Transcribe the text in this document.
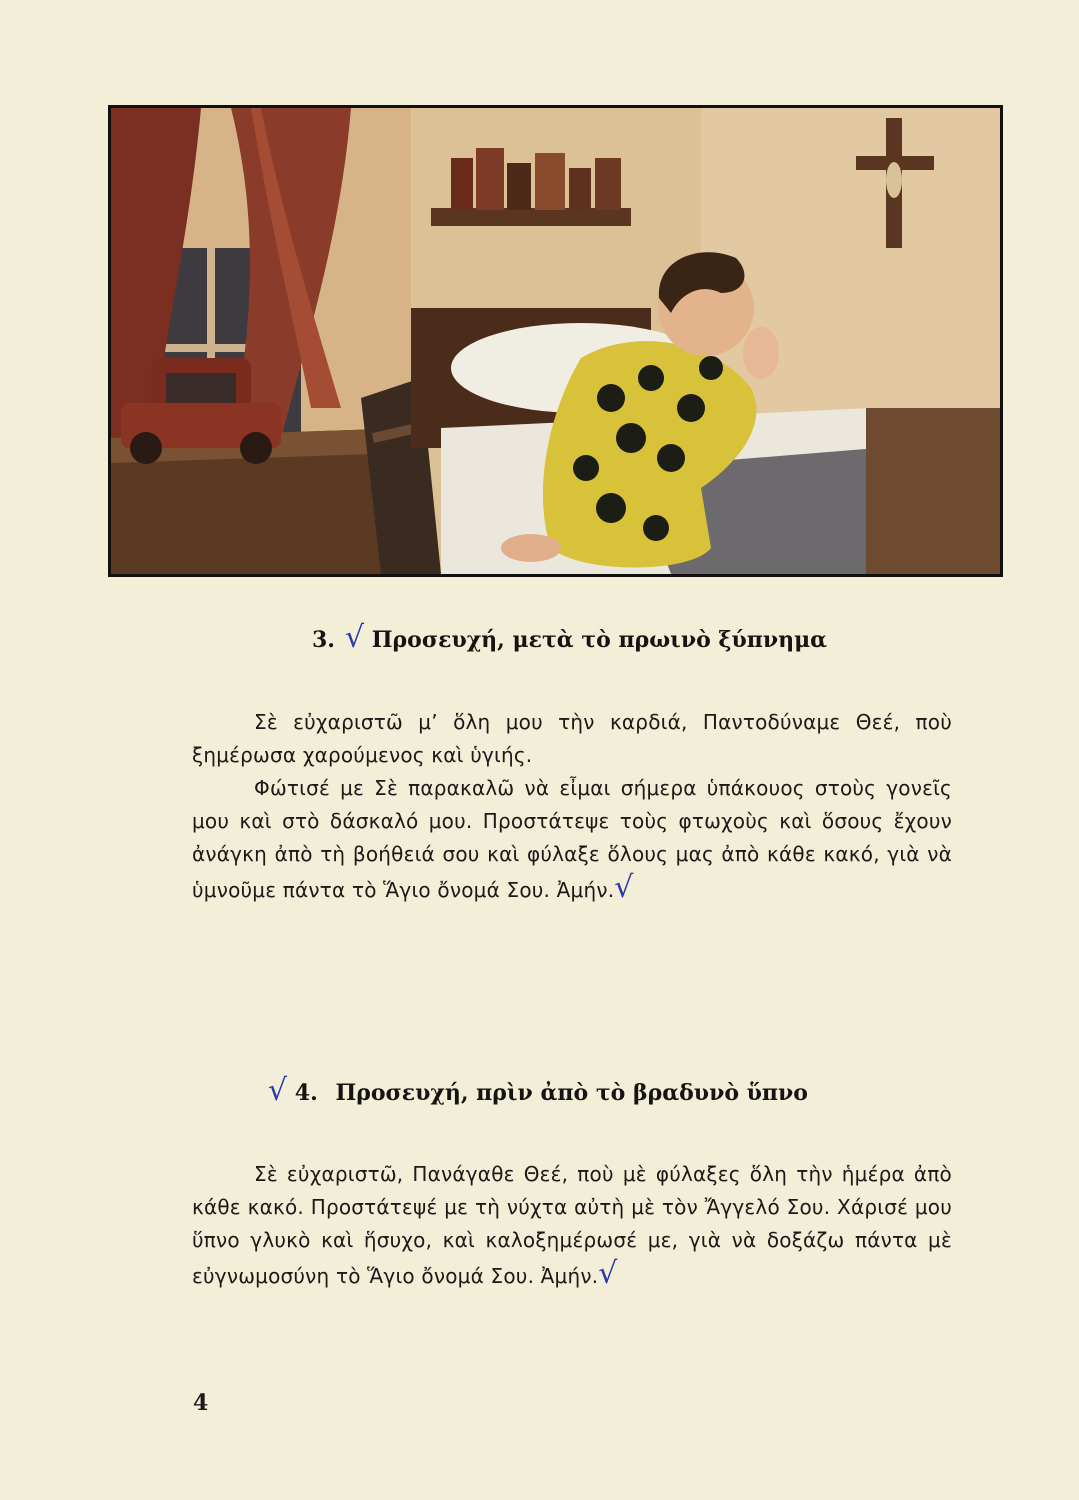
3. √ Προσευχή, μετὰ τὸ πρωινὸ ξύπνημα

Σὲ εὐχαριστῶ μ’ ὅλη μου τὴν καρδιά, Παντοδύναμε Θεέ, ποὺ ξημέρωσα χαρούμενος καὶ ὑγιής.

Φώτισέ με Σὲ παρακαλῶ νὰ εἶμαι σήμερα ὑπάκουος στοὺς γονεῖς μου καὶ στὸ δάσκαλό μου. Προστάτεψε τοὺς φτωχοὺς καὶ ὅσους ἔχουν ἀνάγκη ἀπὸ τὴ βοήθειά σου καὶ φύλαξε ὅλους μας ἀπὸ κάθε κακό, γιὰ νὰ ὑμνοῦμε πάντα τὸ Ἅγιο ὄνομά Σου. Ἀμήν.√

√ 4. Προσευχή, πρὶν ἀπὸ τὸ βραδυνὸ ὕπνο

Σὲ εὐχαριστῶ, Πανάγαθε Θεέ, ποὺ μὲ φύλαξες ὅλη τὴν ἡμέρα ἀπὸ κάθε κακό. Προστάτεψέ με τὴ νύχτα αὐτὴ μὲ τὸν Ἄγγελό Σου. Χάρισέ μου ὕπνο γλυκὸ καὶ ἥσυχο, καὶ καλοξημέρωσέ με, γιὰ νὰ δοξάζω πάντα μὲ εὐγνωμοσύνη τὸ Ἅγιο ὄνομά Σου. Ἀμήν.√

4
